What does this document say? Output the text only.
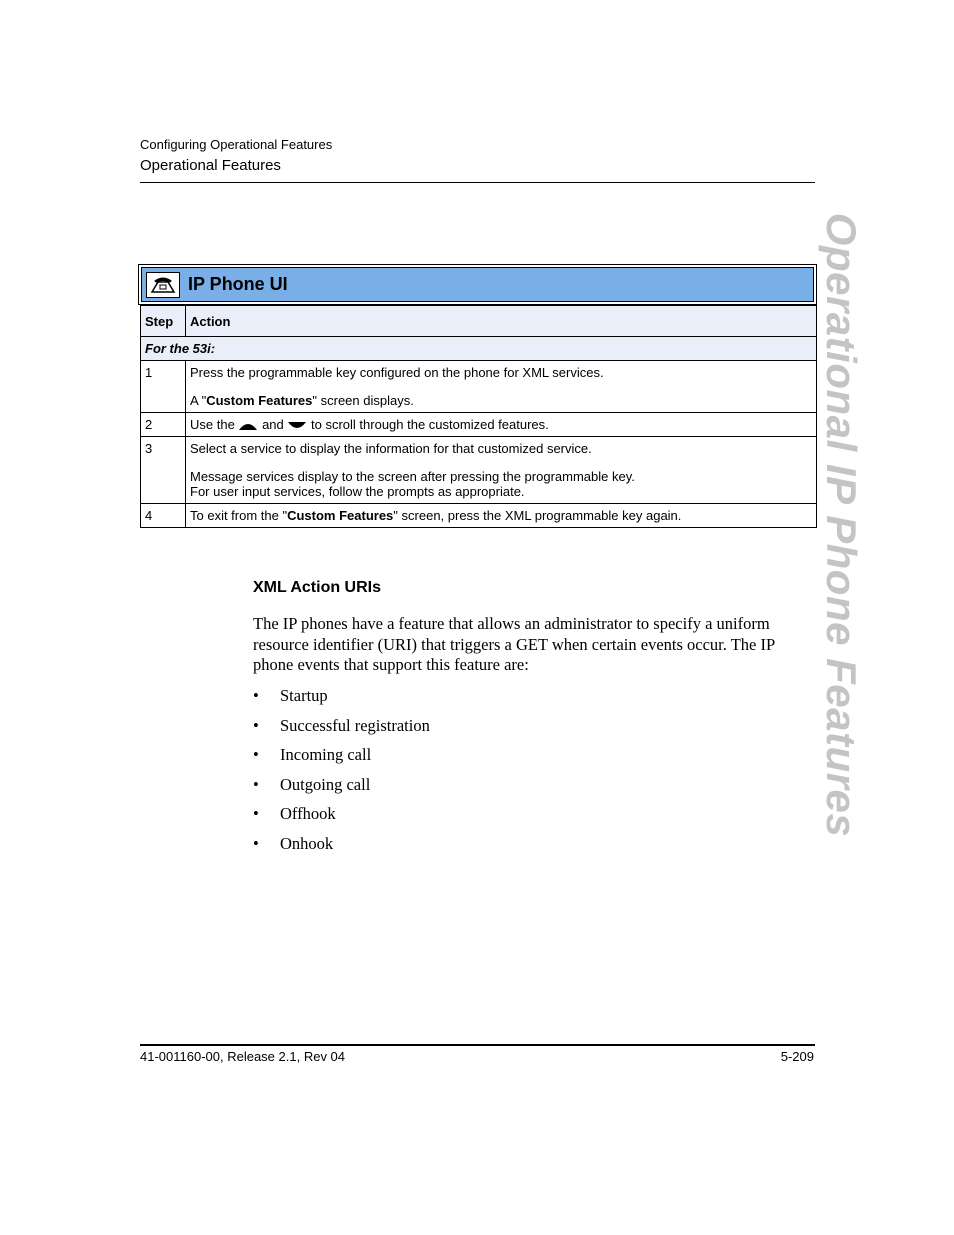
Configuring Operational Features
Operational Features
Operational IP Phone Features
IP Phone UI
Step	Action
For the 53i:	
1	Press the programmable key configured on the phone for XML services.
A "Custom Features" screen displays.

2	Use the and to scroll through the customized features.
3	Select a service to display the information for that customized service.
Message services display to the screen after pressing the programmable key.
For user input services, follow the prompts as appropriate.

4	To exit from the "Custom Features" screen, press the XML programmable key again.
XML Action URIs
The IP phones have a feature that allows an administrator to specify a uniform resource identifier (URI) that triggers a GET when certain events occur. The IP phone events that support this feature are:
•	Startup
•	Successful registration
•	Incoming call
•	Outgoing call
•	Offhook
•	Onhook
41-001160-00, Release 2.1, Rev 04	5-209
